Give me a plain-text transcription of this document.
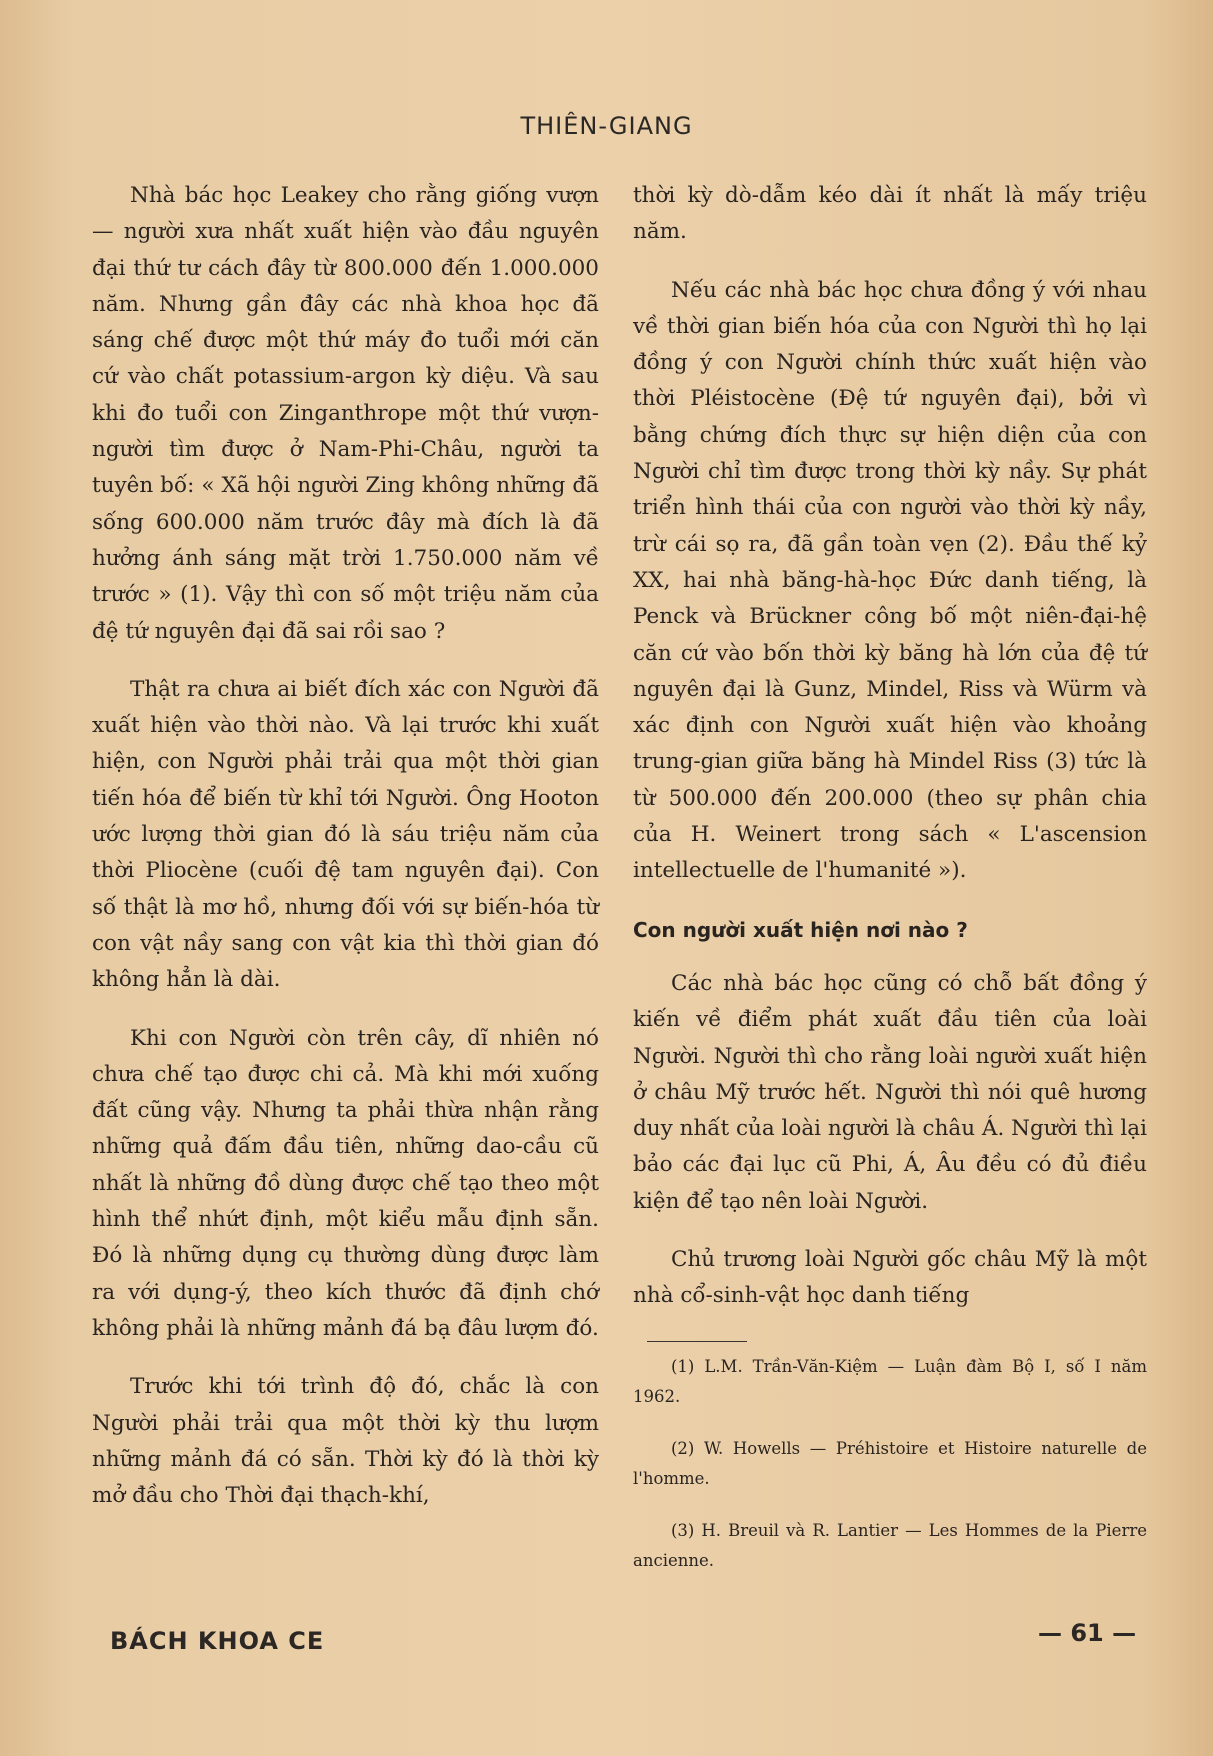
THIÊN-GIANG

Nhà bác học Leakey cho rằng giống vượn — người xưa nhất xuất hiện vào đầu nguyên đại thứ tư cách đây từ 800.000 đến 1.000.000 năm. Nhưng gần đây các nhà khoa học đã sáng chế được một thứ máy đo tuổi mới căn cứ vào chất potassium-argon kỳ diệu. Và sau khi đo tuổi con Zinganthrope một thứ vượn-người tìm được ở Nam-Phi-Châu, người ta tuyên bố: « Xã hội người Zing không những đã sống 600.000 năm trước đây mà đích là đã hưởng ánh sáng mặt trời 1.750.000 năm về trước » (1). Vậy thì con số một triệu năm của đệ tứ nguyên đại đã sai rồi sao ?

Thật ra chưa ai biết đích xác con Người đã xuất hiện vào thời nào. Và lại trước khi xuất hiện, con Người phải trải qua một thời gian tiến hóa để biến từ khỉ tới Người. Ông Hooton ước lượng thời gian đó là sáu triệu năm của thời Pliocène (cuối đệ tam nguyên đại). Con số thật là mơ hồ, nhưng đối với sự biến-hóa từ con vật nầy sang con vật kia thì thời gian đó không hẳn là dài.

Khi con Người còn trên cây, dĩ nhiên nó chưa chế tạo được chi cả. Mà khi mới xuống đất cũng vậy. Nhưng ta phải thừa nhận rằng những quả đấm đầu tiên, những dao-cầu cũ nhất là những đồ dùng được chế tạo theo một hình thể nhứt định, một kiểu mẫu định sẵn. Đó là những dụng cụ thường dùng được làm ra với dụng-ý, theo kích thước đã định chớ không phải là những mảnh đá bạ đâu lượm đó.

Trước khi tới trình độ đó, chắc là con Người phải trải qua một thời kỳ thu lượm những mảnh đá có sẵn. Thời kỳ đó là thời kỳ mở đầu cho Thời đại thạch-khí,

thời kỳ dò-dẫm kéo dài ít nhất là mấy triệu năm.

Nếu các nhà bác học chưa đồng ý với nhau về thời gian biến hóa của con Người thì họ lại đồng ý con Người chính thức xuất hiện vào thời Pléistocène (Đệ tứ nguyên đại), bởi vì bằng chứng đích thực sự hiện diện của con Người chỉ tìm được trong thời kỳ nầy. Sự phát triển hình thái của con người vào thời kỳ nầy, trừ cái sọ ra, đã gần toàn vẹn (2). Đầu thế kỷ XX, hai nhà băng-hà-học Đức danh tiếng, là Penck và Brückner công bố một niên-đại-hệ căn cứ vào bốn thời kỳ băng hà lớn của đệ tứ nguyên đại là Gunz, Mindel, Riss và Würm và xác định con Người xuất hiện vào khoảng trung-gian giữa băng hà Mindel Riss (3) tức là từ 500.000 đến 200.000 (theo sự phân chia của H. Weinert trong sách « L'ascension intellectuelle de l'humanité »).

Con người xuất hiện nơi nào ?

Các nhà bác học cũng có chỗ bất đồng ý kiến về điểm phát xuất đầu tiên của loài Người. Người thì cho rằng loài người xuất hiện ở châu Mỹ trước hết. Người thì nói quê hương duy nhất của loài người là châu Á. Người thì lại bảo các đại lục cũ Phi, Á, Âu đều có đủ điều kiện để tạo nên loài Người.

Chủ trương loài Người gốc châu Mỹ là một nhà cổ-sinh-vật học danh tiếng

(1) L.M. Trần-Văn-Kiệm — Luận đàm Bộ I, số I năm 1962.

(2) W. Howells — Préhistoire et Histoire naturelle de l'homme.

(3) H. Breuil và R. Lantier — Les Hommes de la Pierre ancienne.

BÁCH KHOA CE	— 61 —
